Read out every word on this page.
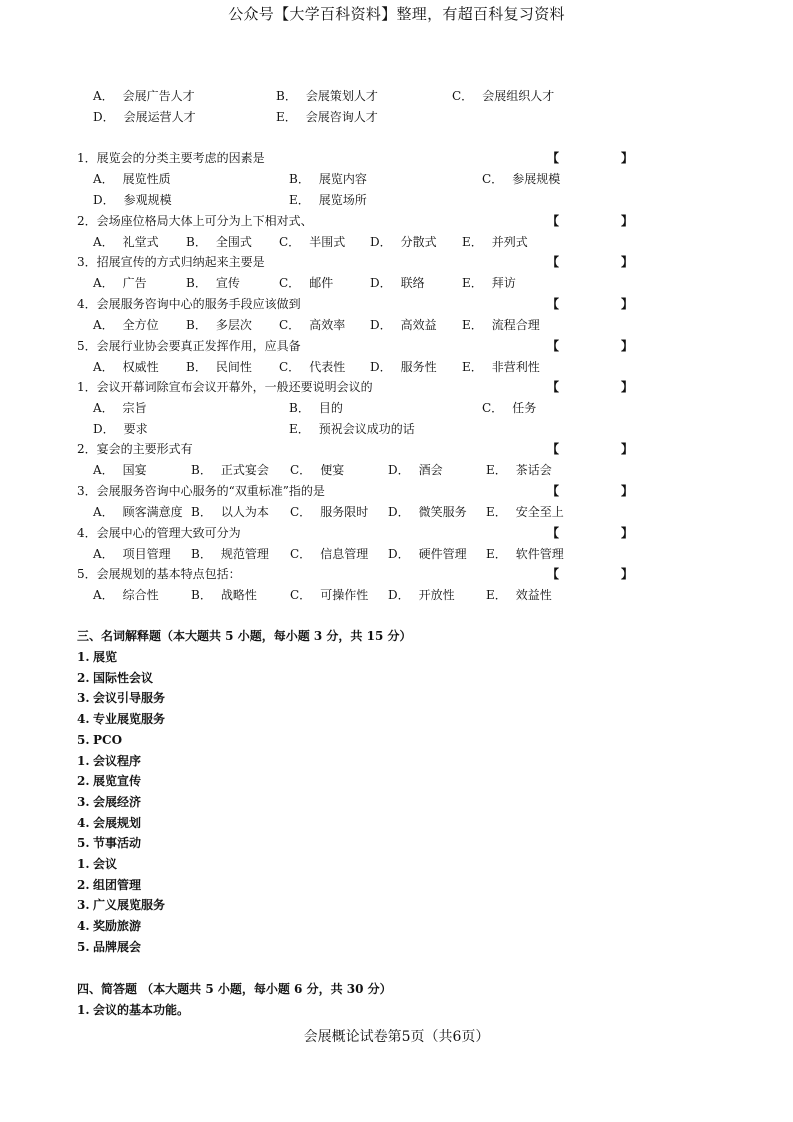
公众号【大学百科资料】整理，有超百科复习资料
A． 会展广告人才	B． 会展策划人才	C． 会展组织人才
D． 会展运营人才	E． 会展咨询人才
1．展览会的分类主要考虑的因素是	【	】
A． 展览性质	B． 展览内容	C． 参展规模
D． 参观规模	E． 展览场所
2．会场座位格局大体上可分为上下相对式、	【	】
A． 礼堂式 B． 全围式 C． 半围式 D． 分散式 E． 并列式
3．招展宣传的方式归纳起来主要是	【	】
A． 广告	B． 宣传	C． 邮件	D． 联络	E． 拜访
4．会展服务咨询中心的服务手段应该做到	【	】
A． 全方位 B． 多层次 C． 高效率 D． 高效益 E． 流程合理
5．会展行业协会要真正发挥作用，应具备	【	】
A． 权威性 B． 民间性 C． 代表性 D． 服务性 E． 非营利性
1．会议开幕词除宣布会议开幕外，一般还要说明会议的	【	】
A． 宗旨	B． 目的	C． 任务
D． 要求	E． 预祝会议成功的话
2．宴会的主要形式有	【	】
A． 国宴	B． 正式宴会 C． 便宴	D． 酒会	E． 茶话会
3．会展服务咨询中心服务的“双重标准”指的是	【	】
A． 顾客满意度 B． 以人为本 C． 服务限时 D． 微笑服务 E． 安全至上
4．会展中心的管理大致可分为	【	】
A． 项目管理 B． 规范管理 C． 信息管理 D． 硬件管理 E． 软件管理
5．会展规划的基本特点包括：	【	】
A． 综合性	B． 战略性	C． 可操作性 D． 开放性	E． 效益性
三、名词解释题（本大题共 5 小题，每小题 3 分，共 15 分）
1. 展览
2. 国际性会议
3. 会议引导服务
4. 专业展览服务
5. PCO
1. 会议程序
2. 展览宣传
3. 会展经济
4. 会展规划
5. 节事活动
1. 会议
2. 组团管理
3. 广义展览服务
4. 奖励旅游
5. 品牌展会
四、简答题 （本大题共 5 小题，每小题 6 分，共 30 分）
1. 会议的基本功能。
会展概论试卷第5页（共6页）
